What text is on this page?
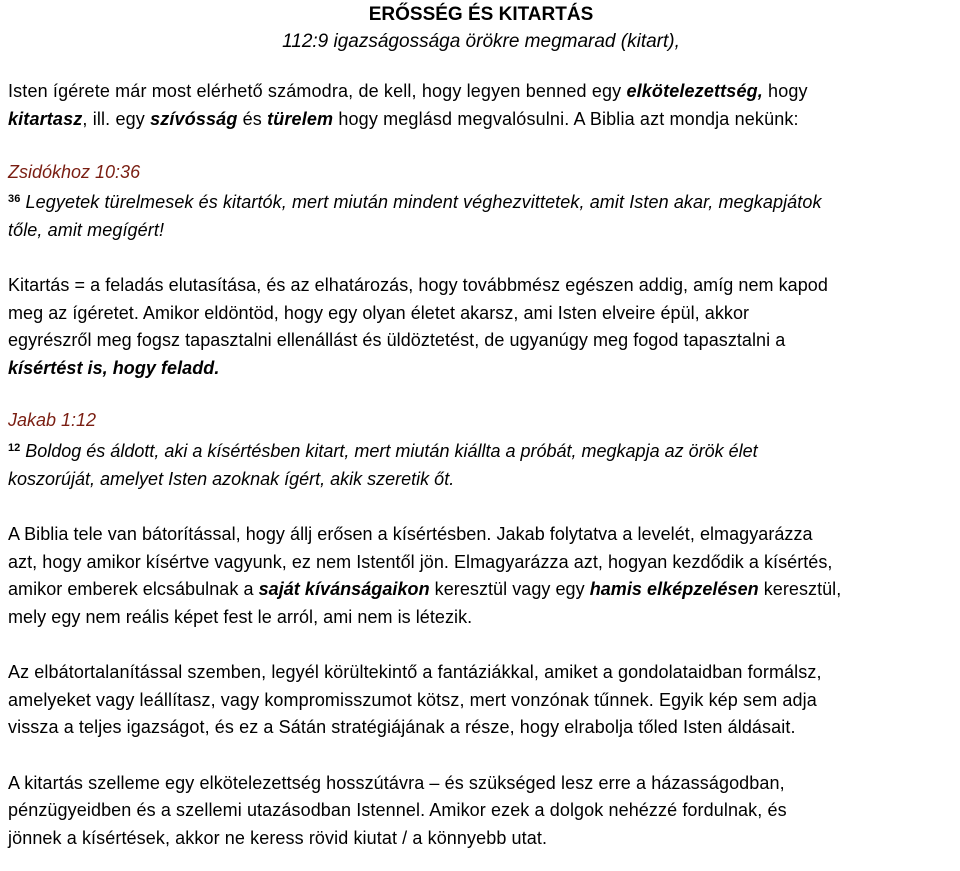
ERŐSSÉG ÉS KITARTÁS
112:9 igazságossága örökre megmarad (kitart),

Isten ígérete már most elérhető számodra, de kell, hogy legyen benned egy elkötelezettség, hogy
kitartasz, ill. egy szívósság és türelem hogy meglásd megvalósulni. A Biblia azt mondja nekünk:

Zsidókhoz 10:36

$^{36}$ Legyetek türelmesek és kitartók, mert miután mindent véghezvittetek, amit Isten akar, megkapjátok
tőle, amit megígért!

Kitartás = a feladás elutasítása, és az elhatározás, hogy továbbmész egészen addig, amíg nem kapod
meg az ígéretet. Amikor eldöntöd, hogy egy olyan életet akarsz, ami Isten elveire épül, akkor
egyrészről meg fogsz tapasztalni ellenállást és üldöztetést, de ugyanúgy meg fogod tapasztalni a
kísértést is, hogy feladd.

Jakab 1:12

$^{12}$ Boldog és áldott, aki a kísértésben kitart, mert miután kiállta a próbát, megkapja az örök élet
koszorúját, amelyet Isten azoknak ígért, akik szeretik őt.

A Biblia tele van bátorítással, hogy állj erősen a kísértésben. Jakab folytatva a levelét, elmagyarázza
azt, hogy amikor kísértve vagyunk, ez nem Istentől jön. Elmagyarázza azt, hogyan kezdődik a kísértés,
amikor emberek elcsábulnak a saját kívánságaikon keresztül vagy egy hamis elképzelésen keresztül,
mely egy nem reális képet fest le arról, ami nem is létezik.

Az elbátortalanítással szemben, legyél körültekintő a fantáziákkal, amiket a gondolataidban formálsz,
amelyeket vagy leállítasz, vagy kompromisszumot kötsz, mert vonzónak tűnnek. Egyik kép sem adja
vissza a teljes igazságot, és ez a Sátán stratégiájának a része, hogy elrabolja tőled Isten áldásait.

A kitartás szelleme egy elkötelezettség hosszútávra – és szükséged lesz erre a házasságodban,
pénzügyeidben és a szellemi utazásodban Istennel. Amikor ezek a dolgok nehézzé fordulnak, és
jönnek a kísértések, akkor ne keress rövid kiutat / a könnyebb utat.
